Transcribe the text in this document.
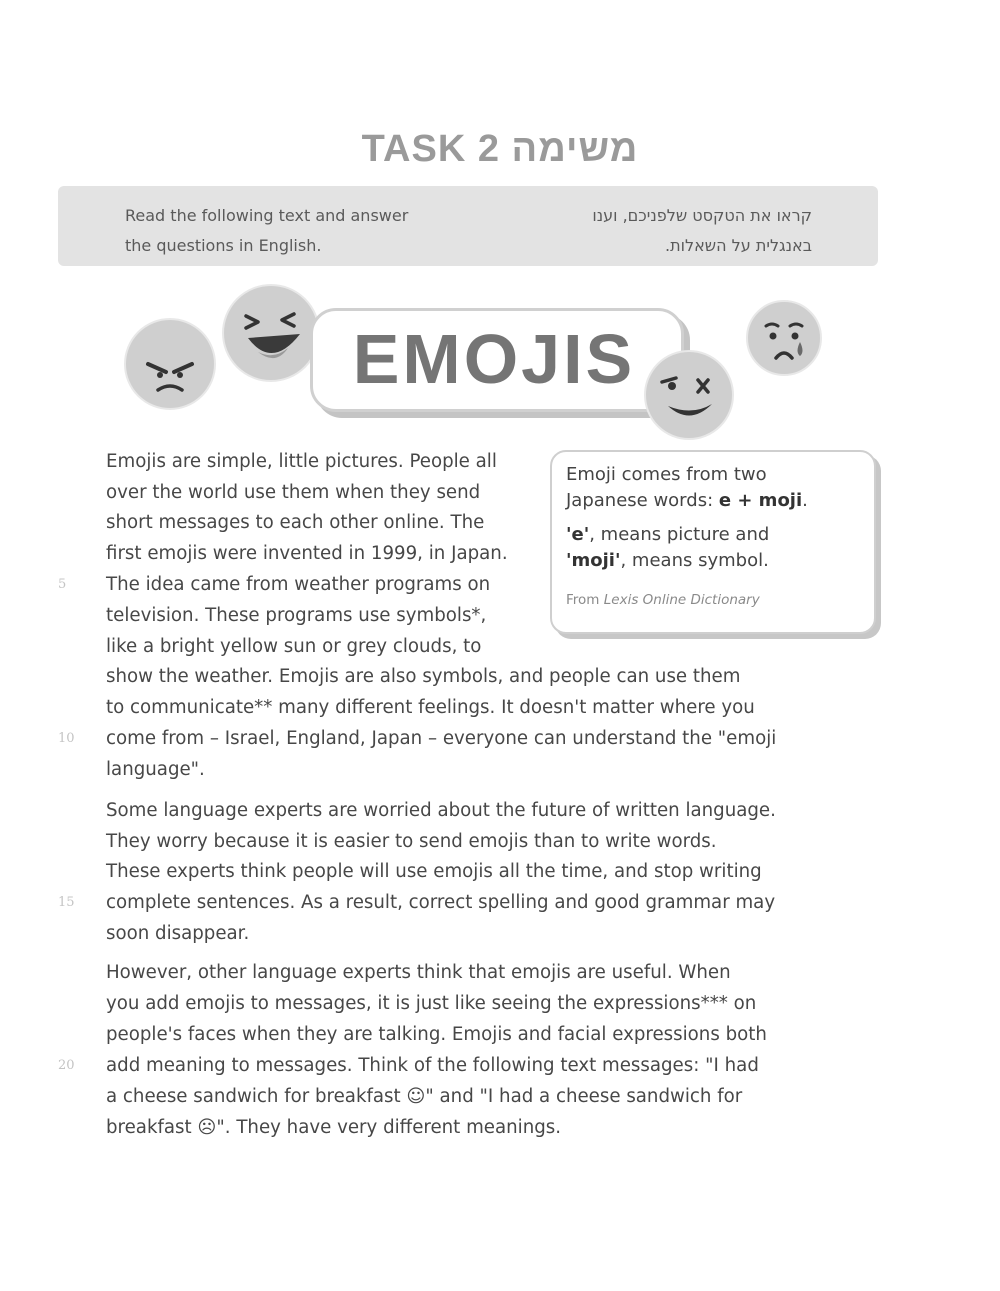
TASK 2 משימה
Read the following text and answer
the questions in English.
קראו את הטקסט שלפניכם, וענו
באנגלית על השאלות.
EMOJIS
Emoji comes from two
Japanese words: e + moji.
'e', means picture and
'moji', means symbol.
From Lexis Online Dictionary
Emojis are simple, little pictures. People all
over the world use them when they send
short messages to each other online. The
first emojis were invented in 1999, in Japan.
The idea came from weather programs on
television. These programs use symbols*,
like a bright yellow sun or grey clouds, to
show the weather. Emojis are also symbols, and people can use them
to communicate** many different feelings. It doesn't matter where you
come from – Israel, England, Japan – everyone can understand the "emoji
language".
Some language experts are worried about the future of written language.
They worry because it is easier to send emojis than to write words.
These experts think people will use emojis all the time, and stop writing
complete sentences. As a result, correct spelling and good grammar may
soon disappear.
However, other language experts think that emojis are useful. When
you add emojis to messages, it is just like seeing the expressions*** on
people's faces when they are talking. Emojis and facial expressions both
add meaning to messages. Think of the following text messages: "I had
a cheese sandwich for breakfast ☺" and "I had a cheese sandwich for
breakfast ☹". They have very different meanings.
5
10
15
20
